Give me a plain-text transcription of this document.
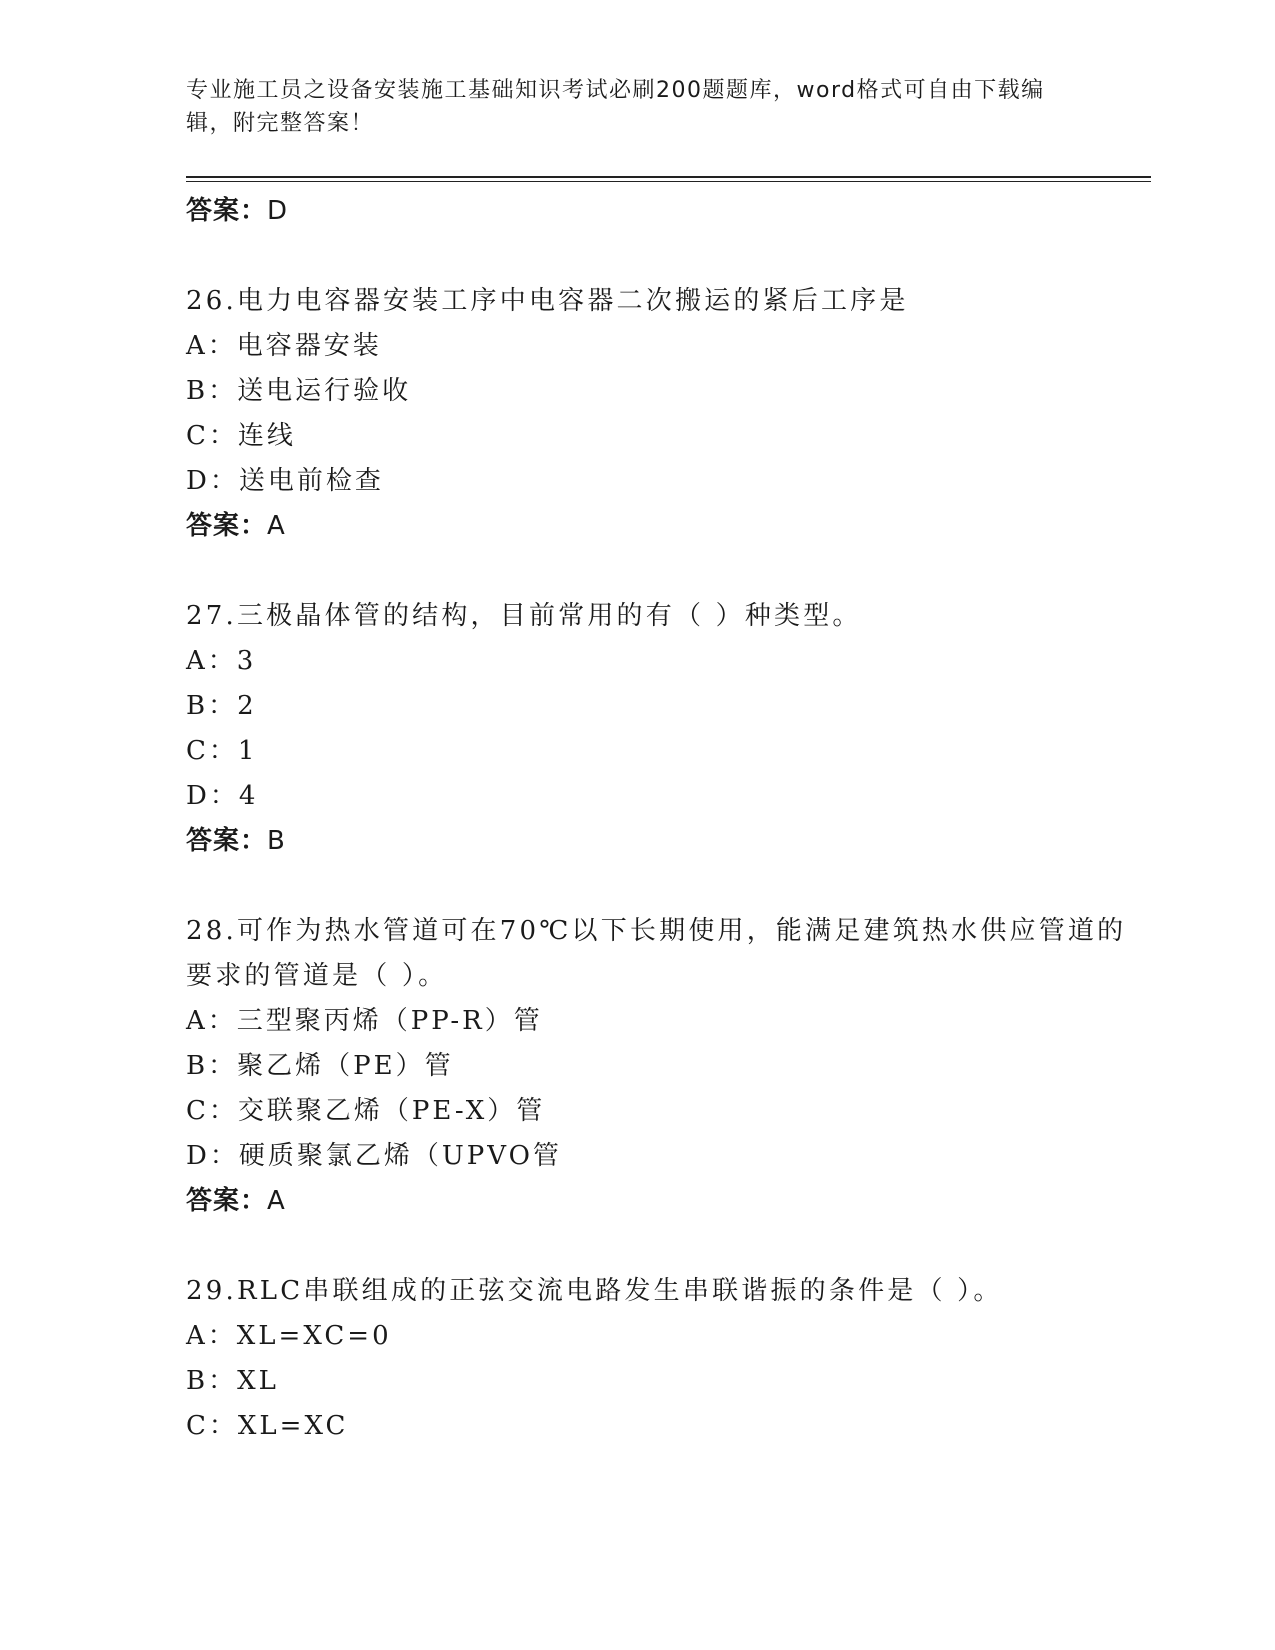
专业施工员之设备安装施工基础知识考试必刷200题题库，word格式可自由下载编辑，附完整答案！
答案：D
26.电力电容器安装工序中电容器二次搬运的紧后工序是
A：电容器安装
B：送电运行验收
C：连线
D：送电前检查
答案：A
27.三极晶体管的结构，目前常用的有（ ）种类型。
A：3
B：2
C：1
D：4
答案：B
28.可作为热水管道可在70℃以下长期使用，能满足建筑热水供应管道的要求的管道是（ ）。
A：三型聚丙烯（PP-R）管
B：聚乙烯（PE）管
C：交联聚乙烯（PE-X）管
D：硬质聚氯乙烯（UPVO管
答案：A
29.RLC串联组成的正弦交流电路发生串联谐振的条件是（ ）。
A：XL=XC=0
B：XL
C：XL=XC
